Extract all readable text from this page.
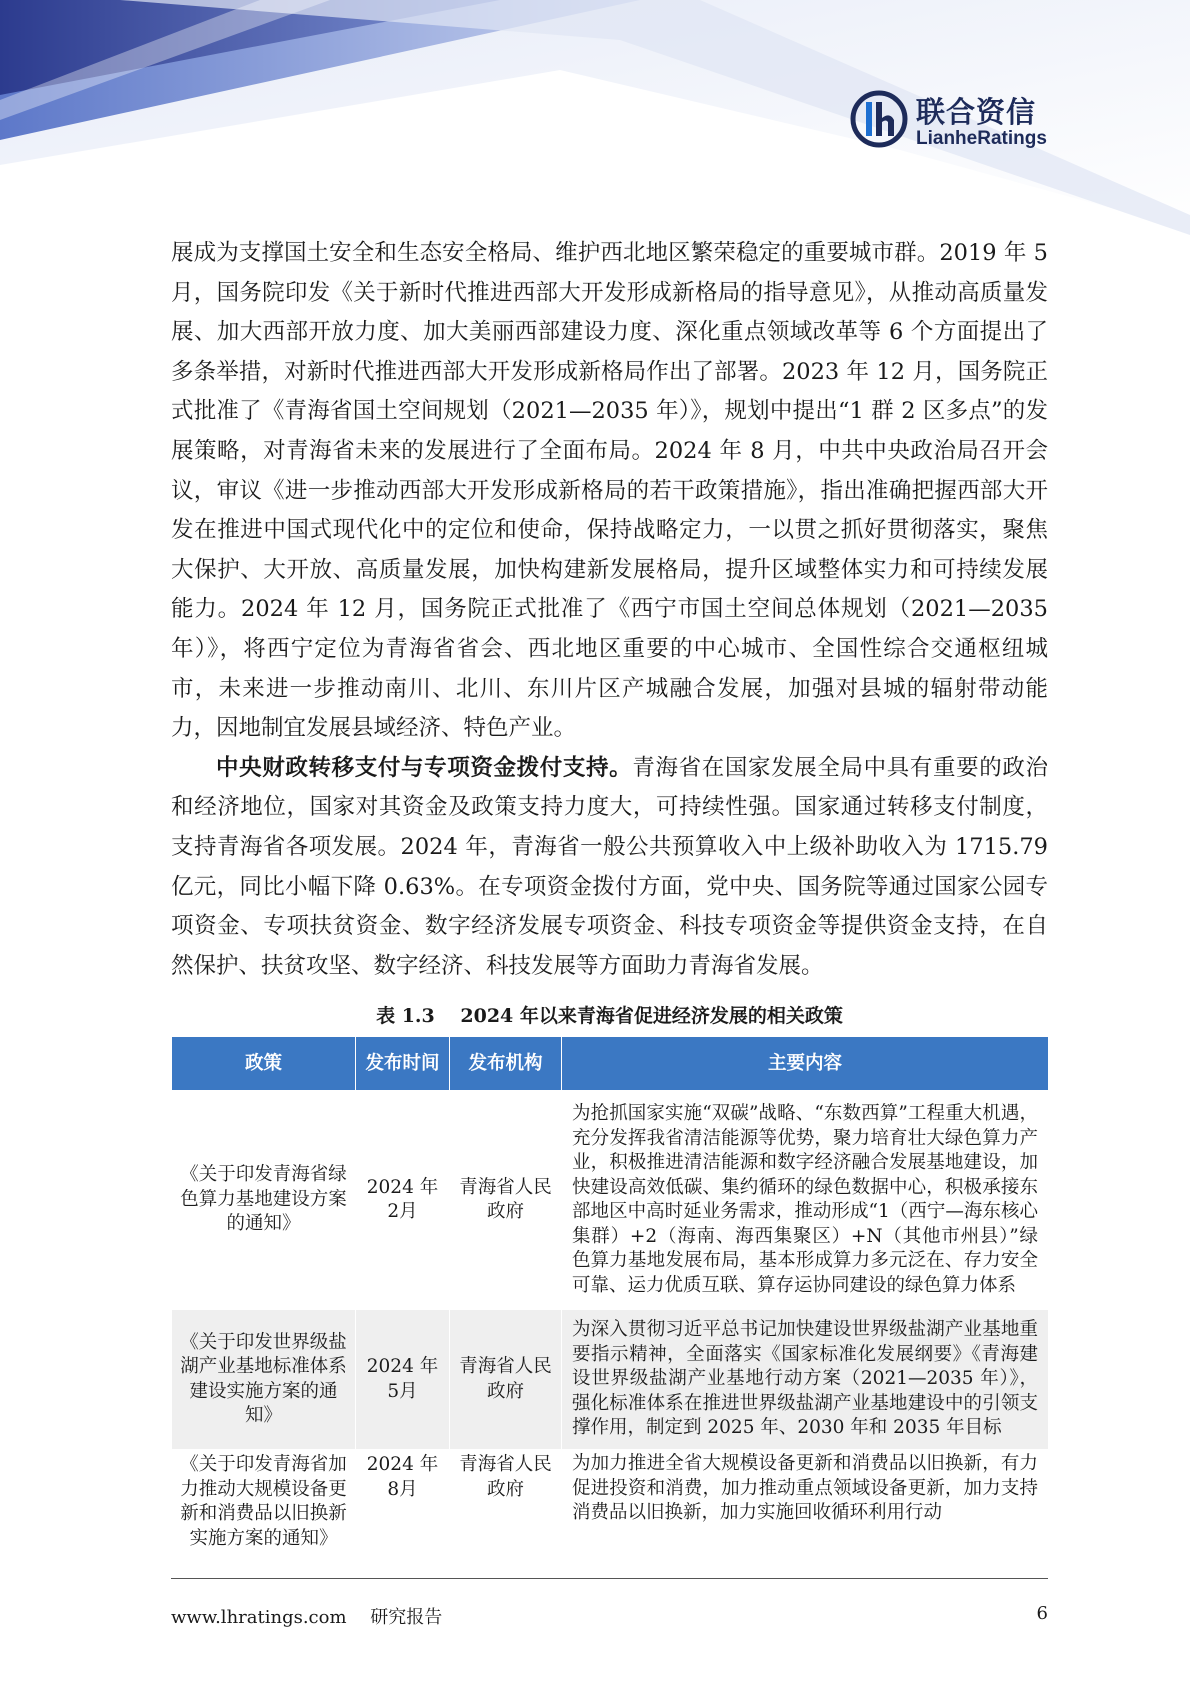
联合资信
LianheRatings

展成为支撑国土安全和生态安全格局、维护西北地区繁荣稳定的重要城市群。2019 年 5 月，国务院印发《关于新时代推进西部大开发形成新格局的指导意见》，从推动高质量发展、加大西部开放力度、加大美丽西部建设力度、深化重点领域改革等 6 个方面提出了多条举措，对新时代推进西部大开发形成新格局作出了部署。2023 年 12 月，国务院正式批准了《青海省国土空间规划（2021—2035 年）》，规划中提出“1 群 2 区多点”的发展策略，对青海省未来的发展进行了全面布局。2024 年 8 月，中共中央政治局召开会议，审议《进一步推动西部大开发形成新格局的若干政策措施》，指出准确把握西部大开发在推进中国式现代化中的定位和使命，保持战略定力，一以贯之抓好贯彻落实，聚焦大保护、大开放、高质量发展，加快构建新发展格局，提升区域整体实力和可持续发展能力。2024 年 12 月，国务院正式批准了《西宁市国土空间总体规划（2021—2035 年）》，将西宁定位为青海省省会、西北地区重要的中心城市、全国性综合交通枢纽城市，未来进一步推动南川、北川、东川片区产城融合发展，加强对县城的辐射带动能力，因地制宜发展县域经济、特色产业。

中央财政转移支付与专项资金拨付支持。青海省在国家发展全局中具有重要的政治和经济地位，国家对其资金及政策支持力度大，可持续性强。国家通过转移支付制度，支持青海省各项发展。2024 年，青海省一般公共预算收入中上级补助收入为 1715.79 亿元，同比小幅下降 0.63%。在专项资金拨付方面，党中央、国务院等通过国家公园专项资金、专项扶贫资金、数字经济发展专项资金、科技专项资金等提供资金支持，在自然保护、扶贫攻坚、数字经济、科技发展等方面助力青海省发展。

表 1.3　 2024 年以来青海省促进经济发展的相关政策
政策	发布时间	发布机构	主要内容
《关于印发青海省绿色算力基地建设方案的通知》	2024 年 2月	青海省人民政府	为抢抓国家实施“双碳”战略、“东数西算”工程重大机遇，充分发挥我省清洁能源等优势，聚力培育壮大绿色算力产业，积极推进清洁能源和数字经济融合发展基地建设，加快建设高效低碳、集约循环的绿色数据中心，积极承接东部地区中高时延业务需求，推动形成“1（西宁—海东核心集群）+2（海南、海西集聚区）+N（其他市州县）”绿色算力基地发展布局，基本形成算力多元泛在、存力安全可靠、运力优质互联、算存运协同建设的绿色算力体系
《关于印发世界级盐湖产业基地标准体系建设实施方案的通知》	2024 年 5月	青海省人民政府	为深入贯彻习近平总书记加快建设世界级盐湖产业基地重要指示精神，全面落实《国家标准化发展纲要》《青海建设世界级盐湖产业基地行动方案（2021—2035 年）》，强化标准体系在推进世界级盐湖产业基地建设中的引领支撑作用，制定到 2025 年、2030 年和 2035 年目标

《关于印发青海省加力推动大规模设备更新和消费品以旧换新实施方案的通知》	2024 年 8月	青海省人民政府	为加力推进全省大规模设备更新和消费品以旧换新，有力促进投资和消费，加力推动重点领域设备更新，加力支持消费品以旧换新，加力实施回收循环利用行动
www.lhratings.com　 研究报告	6
